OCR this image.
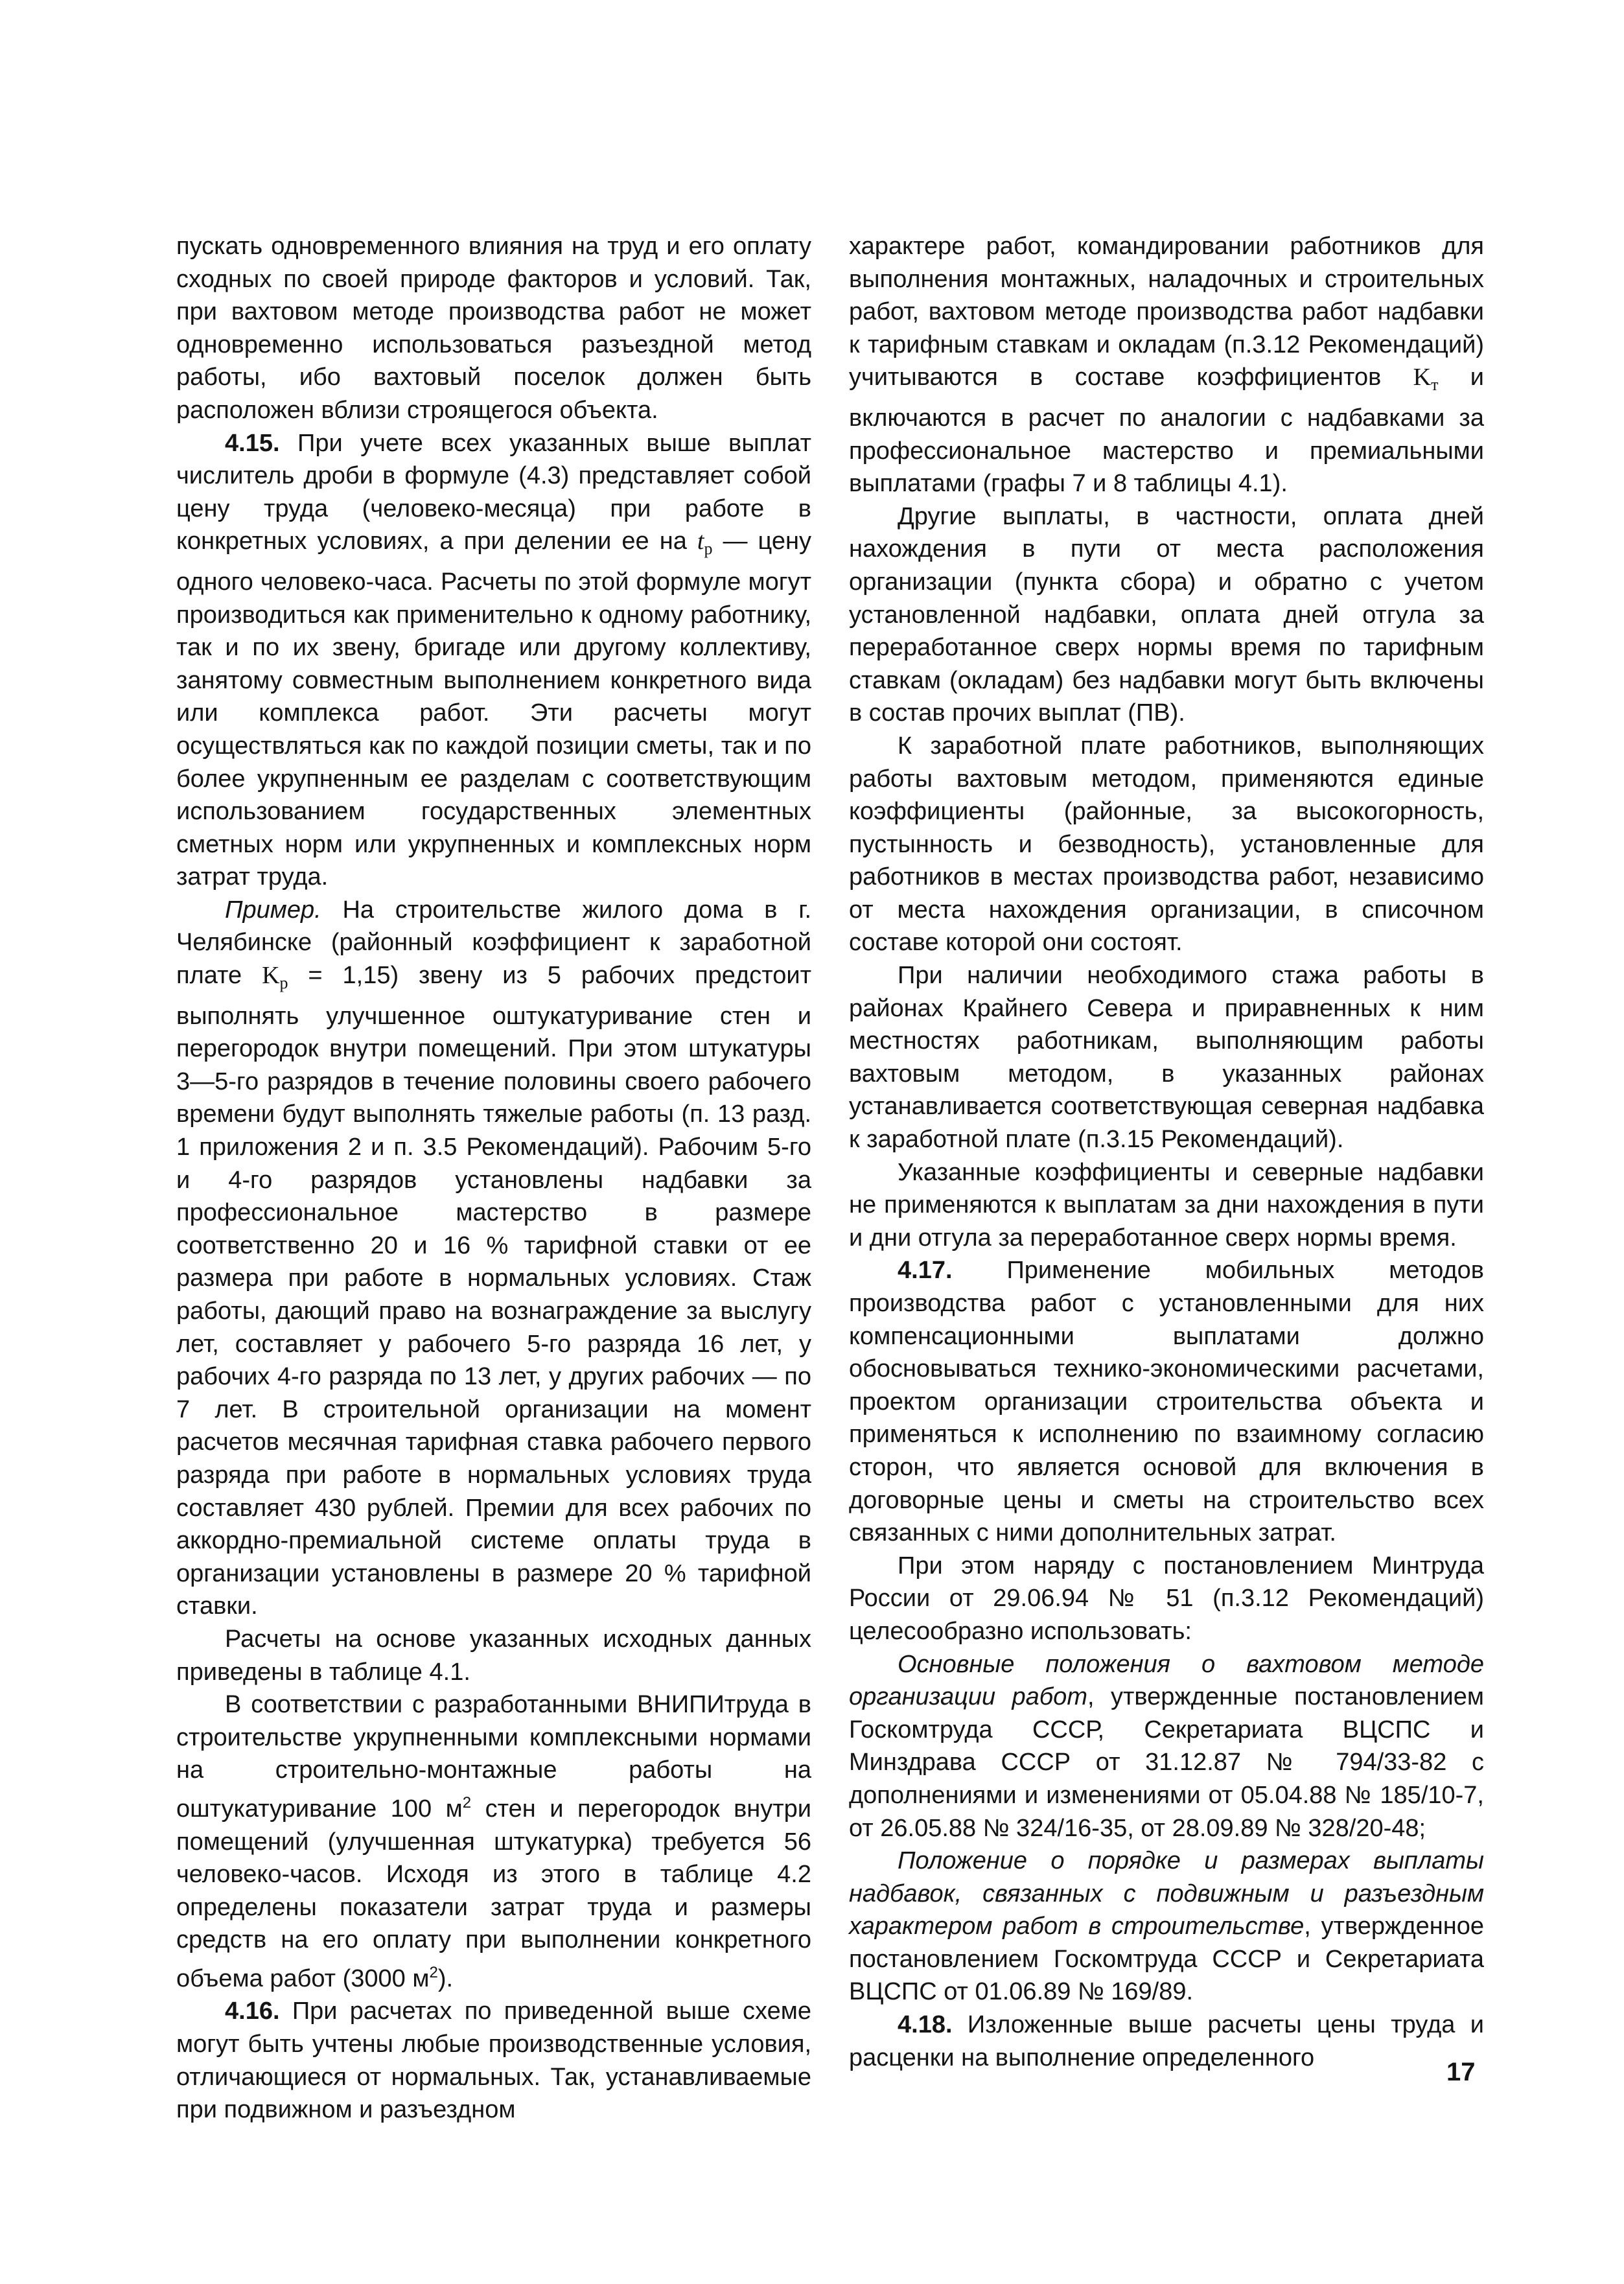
пускать одновременного влияния на труд и его оплату сходных по своей природе факторов и условий. Так, при вахтовом методе производства работ не может одновременно использоваться разъездной метод работы, ибо вахтовый поселок должен быть расположен вблизи строящегося объекта.

4.15. При учете всех указанных выше выплат числитель дроби в формуле (4.3) представляет собой цену труда (человеко-месяца) при работе в конкретных условиях, а при делении ее на $t_р$ — цену одного человеко-часа. Расчеты по этой формуле могут производиться как применительно к одному работнику, так и по их звену, бригаде или другому коллективу, занятому совместным выполнением конкретного вида или комплекса работ. Эти расчеты могут осуществляться как по каждой позиции сметы, так и по более укрупненным ее разделам с соответствующим использованием государственных элементных сметных норм или укрупненных и комплексных норм затрат труда.

Пример. На строительстве жилого дома в г. Челябинске (районный коэффициент к заработной плате $K_р = 1,15$) звену из 5 рабочих предстоит выполнять улучшенное оштукатуривание стен и перегородок внутри помещений. При этом штукатуры 3—5-го разрядов в течение половины своего рабочего времени будут выполнять тяжелые работы (п. 13 разд. 1 приложения 2 и п. 3.5 Рекомендаций). Рабочим 5-го и 4-го разрядов установлены надбавки за профессиональное мастерство в размере соответственно 20 и 16 % тарифной ставки от ее размера при работе в нормальных условиях. Стаж работы, дающий право на вознаграждение за выслугу лет, составляет у рабочего 5-го разряда 16 лет, у рабочих 4-го разряда по 13 лет, у других рабочих — по 7 лет. В строительной организации на момент расчетов месячная тарифная ставка рабочего первого разряда при работе в нормальных условиях труда составляет 430 рублей. Премии для всех рабочих по аккордно-премиальной системе оплаты труда в организации установлены в размере 20 % тарифной ставки.

Расчеты на основе указанных исходных данных приведены в таблице 4.1.

В соответствии с разработанными ВНИПИтруда в строительстве укрупненными комплексными нормами на строительно-монтажные работы на оштукатуривание 100 $м^2$ стен и перегородок внутри помещений (улучшенная штукатурка) требуется 56 человеко-часов. Исходя из этого в таблице 4.2 определены показатели затрат труда и размеры средств на его оплату при выполнении конкретного объема работ (3000 $м^2$).

4.16. При расчетах по приведенной выше схеме могут быть учтены любые производственные условия, отличающиеся от нормальных. Так, устанавливаемые при подвижном и разъездном

характере работ, командировании работников для выполнения монтажных, наладочных и строительных работ, вахтовом методе производства работ надбавки к тарифным ставкам и окладам (п.3.12 Рекомендаций) учитываются в составе коэффициентов $K_т$ и включаются в расчет по аналогии с надбавками за профессиональное мастерство и премиальными выплатами (графы 7 и 8 таблицы 4.1).

Другие выплаты, в частности, оплата дней нахождения в пути от места расположения организации (пункта сбора) и обратно с учетом установленной надбавки, оплата дней отгула за переработанное сверх нормы время по тарифным ставкам (окладам) без надбавки могут быть включены в состав прочих выплат (ПВ).

К заработной плате работников, выполняющих работы вахтовым методом, применяются единые коэффициенты (районные, за высокогорность, пустынность и безводность), установленные для работников в местах производства работ, независимо от места нахождения организации, в списочном составе которой они состоят.

При наличии необходимого стажа работы в районах Крайнего Севера и приравненных к ним местностях работникам, выполняющим работы вахтовым методом, в указанных районах устанавливается соответствующая северная надбавка к заработной плате (п.3.15 Рекомендаций).

Указанные коэффициенты и северные надбавки не применяются к выплатам за дни нахождения в пути и дни отгула за переработанное сверх нормы время.

4.17. Применение мобильных методов производства работ с установленными для них компенсационными выплатами должно обосновываться технико-экономическими расчетами, проектом организации строительства объекта и применяться к исполнению по взаимному согласию сторон, что является основой для включения в договорные цены и сметы на строительство всех связанных с ними дополнительных затрат.

При этом наряду с постановлением Минтруда России от 29.06.94 № 51 (п.3.12 Рекомендаций) целесообразно использовать:

Основные положения о вахтовом методе организации работ, утвержденные постановлением Госкомтруда СССР, Секретариата ВЦСПС и Минздрава СССР от 31.12.87 № 794/33-82 с дополнениями и изменениями от 05.04.88 № 185/10-7, от 26.05.88 № 324/16-35, от 28.09.89 № 328/20-48;

Положение о порядке и размерах выплаты надбавок, связанных с подвижным и разъездным характером работ в строительстве, утвержденное постановлением Госкомтруда СССР и Секретариата ВЦСПС от 01.06.89 № 169/89.

4.18. Изложенные выше расчеты цены труда и расценки на выполнение определенного

17
